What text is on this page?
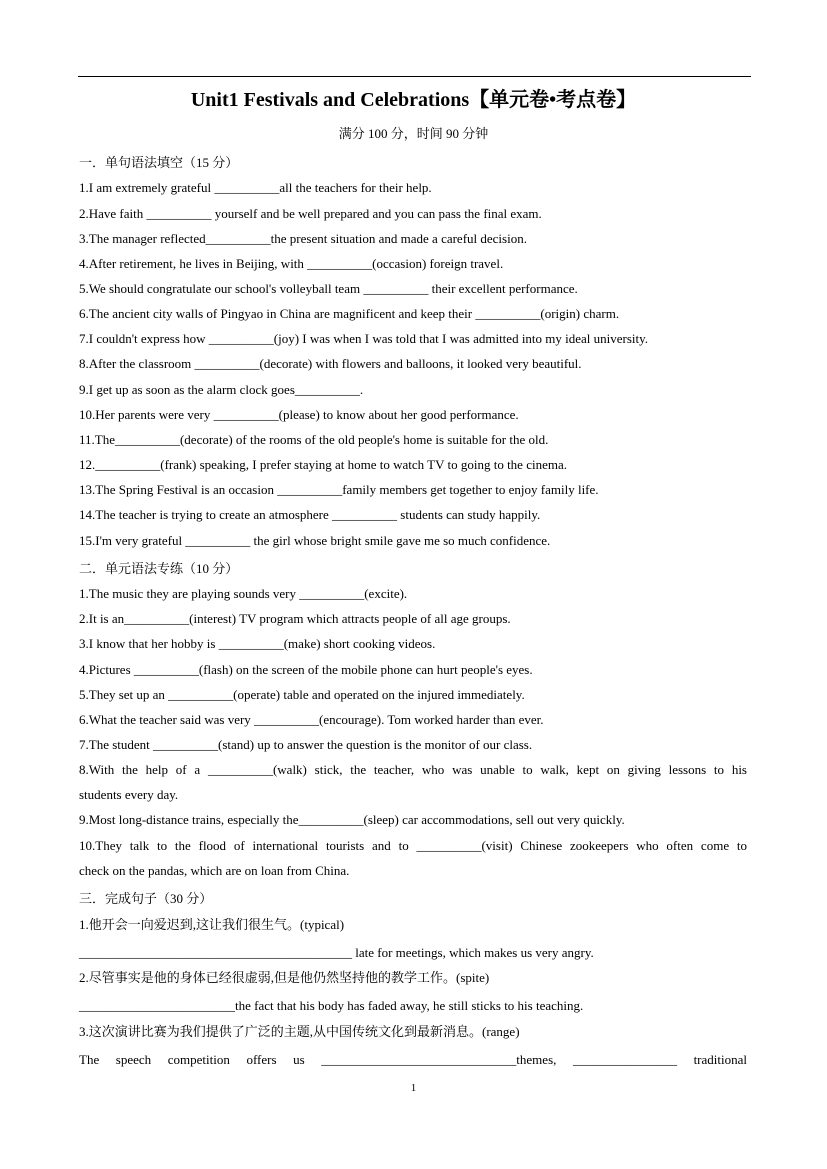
Unit1 Festivals and Celebrations【单元卷•考点卷】
满分 100 分，时间 90 分钟
一．单句语法填空（15 分）
1.I am extremely grateful __________all the teachers for their help.
2.Have faith __________ yourself and be well prepared and you can pass the final exam.
3.The manager reflected__________the present situation and made a careful decision.
4.After retirement, he lives in Beijing, with __________(occasion) foreign travel.
5.We should congratulate our school's volleyball team __________ their excellent performance.
6.The ancient city walls of Pingyao in China are magnificent and keep their __________(origin) charm.
7.I couldn't express how __________(joy) I was when I was told that I was admitted into my ideal university.
8.After the classroom __________(decorate) with flowers and balloons, it looked very beautiful.
9.I get up as soon as the alarm clock goes__________.
10.Her parents were very __________(please) to know about her good performance.
11.The__________(decorate) of the rooms of the old people's home is suitable for the old.
12.__________(frank) speaking, I prefer staying at home to watch TV to going to the cinema.
13.The Spring Festival is an occasion __________family members get together to enjoy family life.
14.The teacher is trying to create an atmosphere __________ students can study happily.
15.I'm very grateful __________ the girl whose bright smile gave me so much confidence.
二．单元语法专练（10 分）
1.The music they are playing sounds very __________(excite).
2.It is an__________(interest) TV program which attracts people of all age groups.
3.I know that her hobby is __________(make) short cooking videos.
4.Pictures __________(flash) on the screen of the mobile phone can hurt people's eyes.
5.They set up an __________(operate) table and operated on the injured immediately.
6.What the teacher said was very __________(encourage). Tom worked harder than ever.
7.The student __________(stand) up to answer the question is the monitor of our class.
8.With the help of a __________(walk) stick, the teacher, who was unable to walk, kept on giving lessons to his
students every day.
9.Most long-distance trains, especially the__________(sleep) car accommodations, sell out very quickly.
10.They talk to the flood of international tourists and to __________(visit) Chinese zookeepers who often come to
check on the pandas, which are on loan from China.
三．完成句子（30 分）
1.他开会一向爱迟到,这让我们很生气。(typical)
__________________________________________ late for meetings, which makes us very angry.
2.尽管事实是他的身体已经很虚弱,但是他仍然坚持他的教学工作。(spite)
________________________the fact that his body has faded away, he still sticks to his teaching.
3.这次演讲比赛为我们提供了广泛的主题,从中国传统文化到最新消息。(range)
The speech competition offers us ______________________________themes, ________________ traditional
1
